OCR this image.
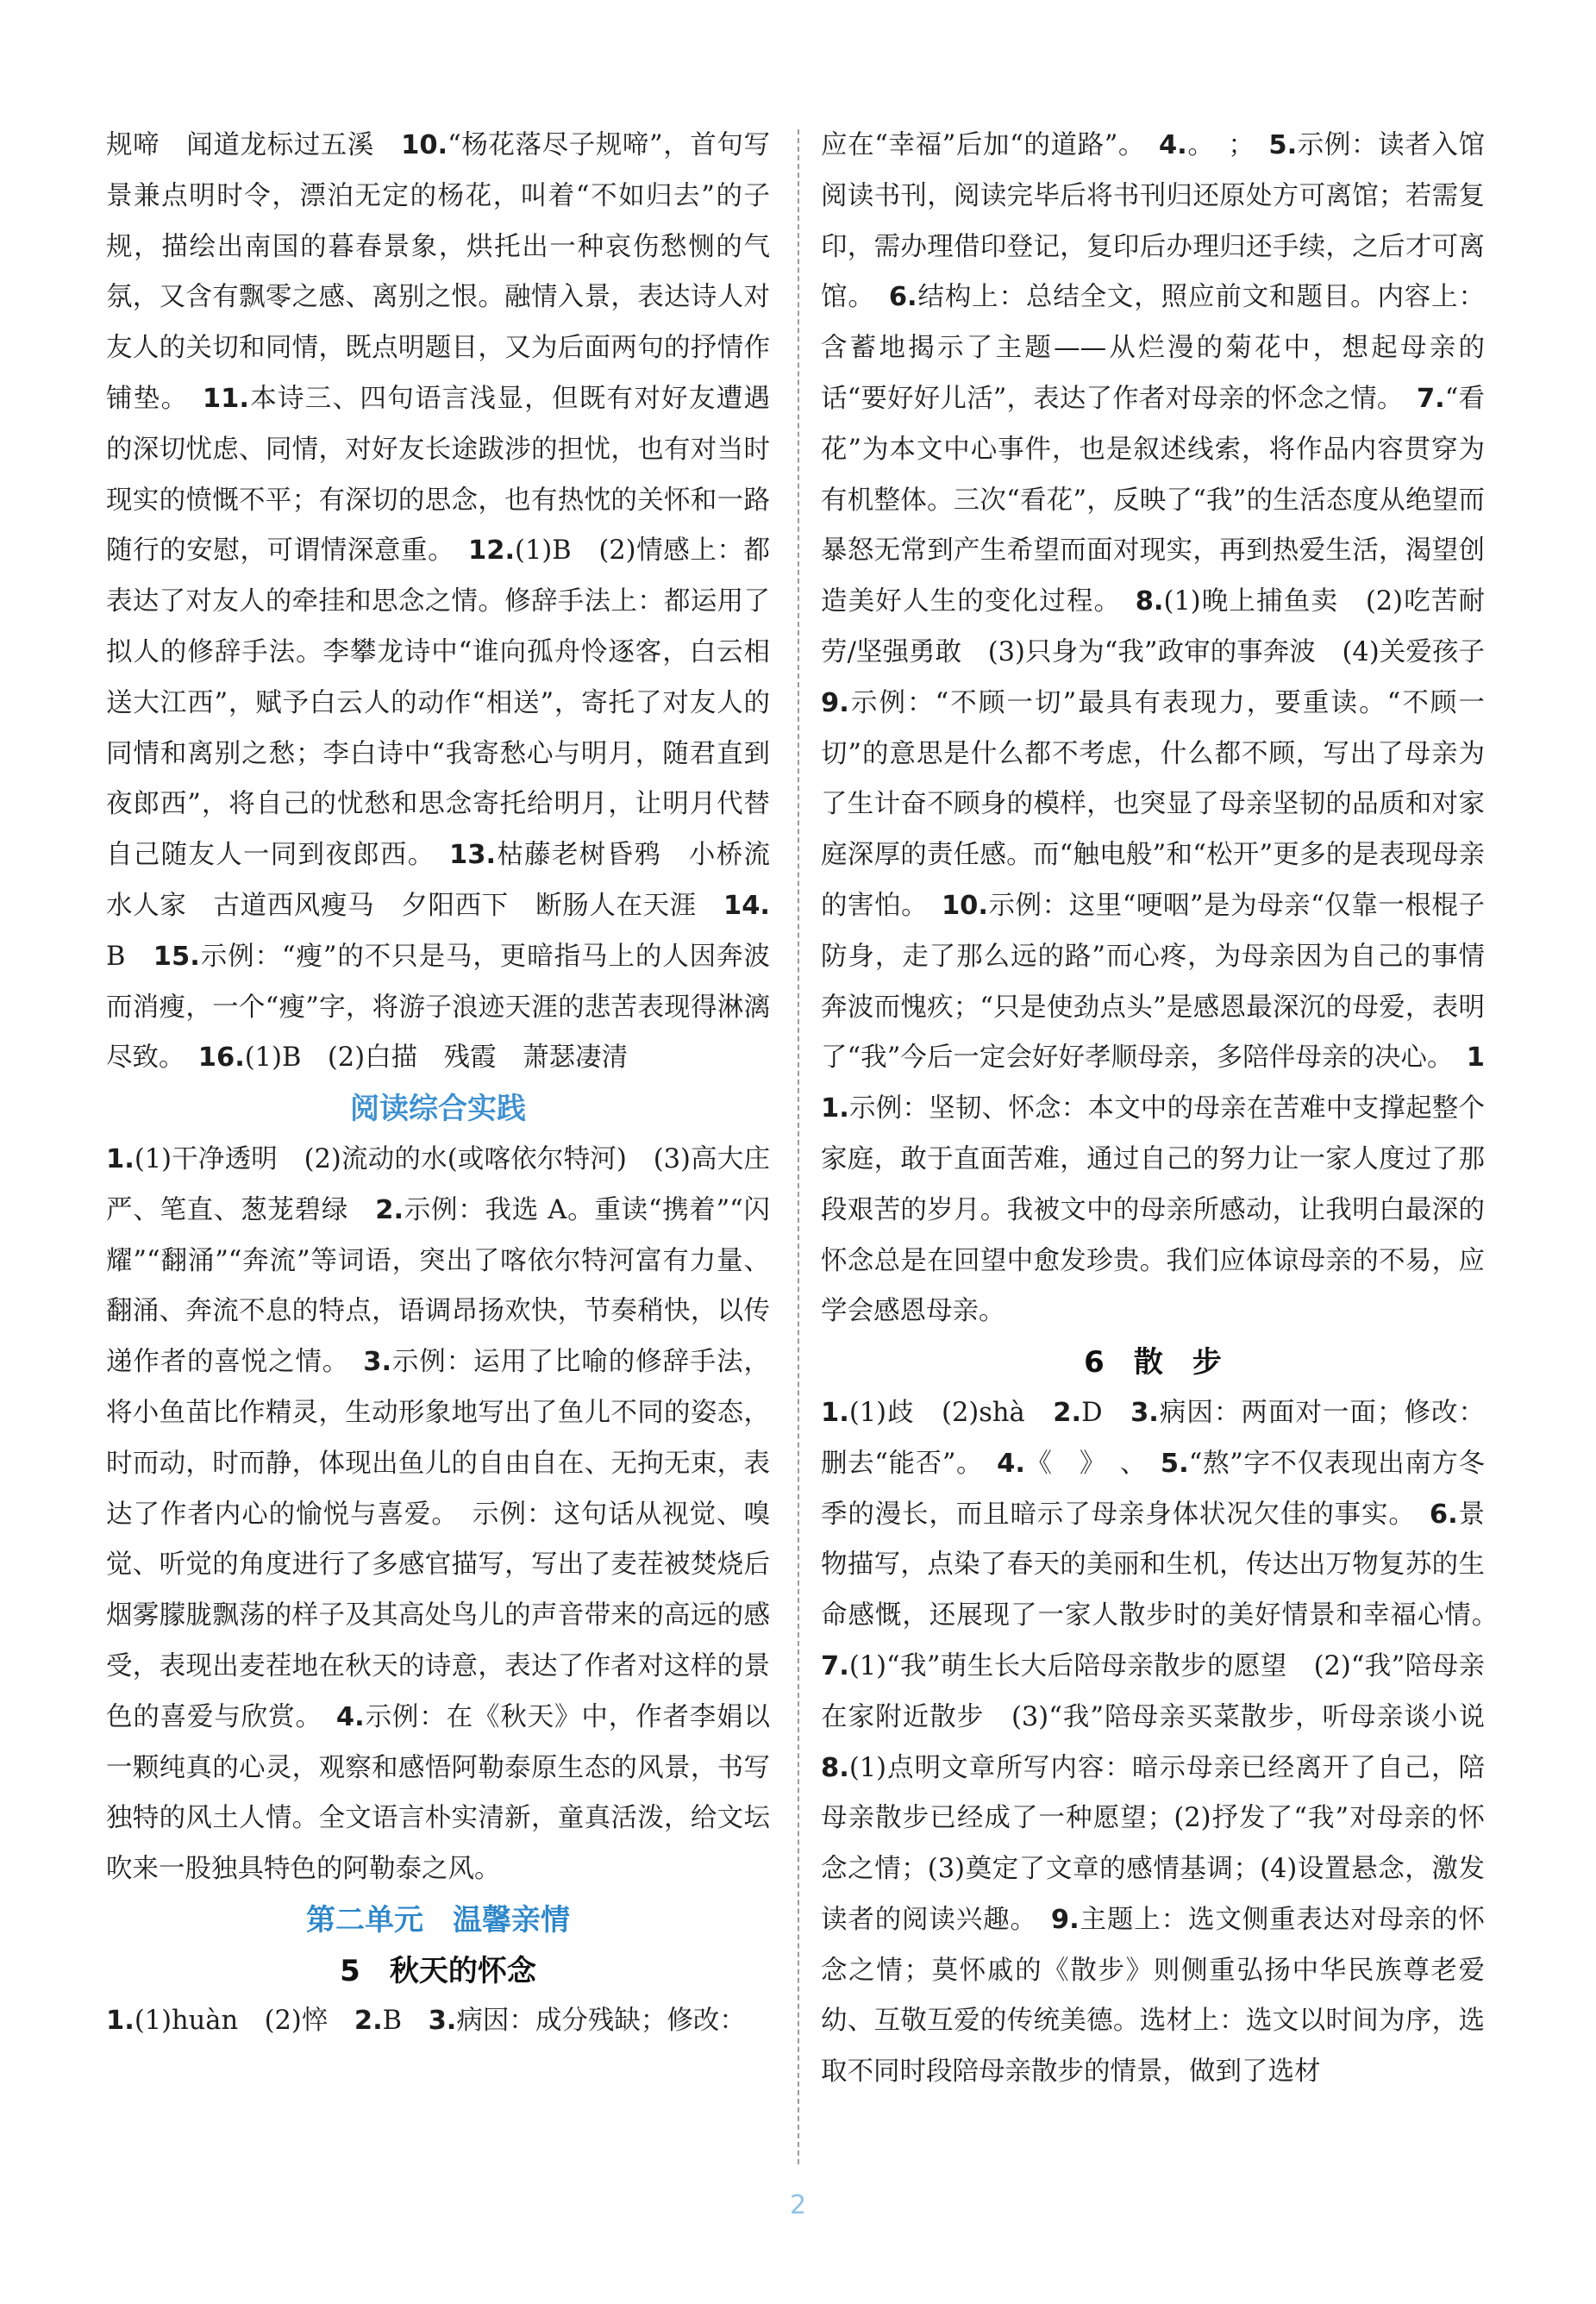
规啼　闻道龙标过五溪　10.“杨花落尽子规啼”，首句写景兼点明时令，漂泊无定的杨花，叫着“不如归去”的子规，描绘出南国的暮春景象，烘托出一种哀伤愁恻的气氛，又含有飘零之感、离别之恨。融情入景，表达诗人对友人的关切和同情，既点明题目，又为后面两句的抒情作铺垫。　11.本诗三、四句语言浅显，但既有对好友遭遇的深切忧虑、同情，对好友长途跋涉的担忧，也有对当时现实的愤慨不平；有深切的思念，也有热忱的关怀和一路随行的安慰，可谓情深意重。　12.(1)B　(2)情感上：都表达了对友人的牵挂和思念之情。修辞手法上：都运用了拟人的修辞手法。李攀龙诗中“谁向孤舟怜逐客，白云相送大江西”，赋予白云人的动作“相送”，寄托了对友人的同情和离别之愁；李白诗中“我寄愁心与明月，随君直到夜郎西”，将自己的忧愁和思念寄托给明月，让明月代替自己随友人一同到夜郎西。　13.枯藤老树昏鸦　小桥流水人家　古道西风瘦马　夕阳西下　断肠人在天涯　14.B　15.示例：“瘦”的不只是马，更暗指马上的人因奔波而消瘦，一个“瘦”字，将游子浪迹天涯的悲苦表现得淋漓尽致。　16.(1)B　(2)白描　残霞　萧瑟凄清

阅读综合实践

1.(1)干净透明　(2)流动的水(或喀依尔特河)　(3)高大庄严、笔直、葱茏碧绿　2.示例：我选 A。重读“携着”“闪耀”“翻涌”“奔流”等词语，突出了喀依尔特河富有力量、翻涌、奔流不息的特点，语调昂扬欢快，节奏稍快，以传递作者的喜悦之情。　3.示例：运用了比喻的修辞手法，将小鱼苗比作精灵，生动形象地写出了鱼儿不同的姿态，时而动，时而静，体现出鱼儿的自由自在、无拘无束，表达了作者内心的愉悦与喜爱。　示例：这句话从视觉、嗅觉、听觉的角度进行了多感官描写，写出了麦茬被焚烧后烟雾朦胧飘荡的样子及其高处鸟儿的声音带来的高远的感受，表现出麦茬地在秋天的诗意，表达了作者对这样的景色的喜爱与欣赏。　4.示例：在《秋天》中，作者李娟以一颗纯真的心灵，观察和感悟阿勒泰原生态的风景，书写独特的风土人情。全文语言朴实清新，童真活泼，给文坛吹来一股独具特色的阿勒泰之风。

第二单元　温馨亲情

5　秋天的怀念

1.(1)huàn　(2)悴　2.B　3.病因：成分残缺；修改：

应在“幸福”后加“的道路”。　4.。　；　5.示例：读者入馆阅读书刊，阅读完毕后将书刊归还原处方可离馆；若需复印，需办理借印登记，复印后办理归还手续，之后才可离馆。　6.结构上：总结全文，照应前文和题目。内容上：含蓄地揭示了主题——从烂漫的菊花中，想起母亲的话“要好好儿活”，表达了作者对母亲的怀念之情。　7.“看花”为本文中心事件，也是叙述线索，将作品内容贯穿为有机整体。三次“看花”，反映了“我”的生活态度从绝望而暴怒无常到产生希望而面对现实，再到热爱生活，渴望创造美好人生的变化过程。　8.(1)晚上捕鱼卖　(2)吃苦耐劳/坚强勇敢　(3)只身为“我”政审的事奔波　(4)关爱孩子　9.示例：“不顾一切”最具有表现力，要重读。“不顾一切”的意思是什么都不考虑，什么都不顾，写出了母亲为了生计奋不顾身的模样，也突显了母亲坚韧的品质和对家庭深厚的责任感。而“触电般”和“松开”更多的是表现母亲的害怕。　10.示例：这里“哽咽”是为母亲“仅靠一根棍子防身，走了那么远的路”而心疼，为母亲因为自己的事情奔波而愧疚；“只是使劲点头”是感恩最深沉的母爱，表明了“我”今后一定会好好孝顺母亲，多陪伴母亲的决心。　11.示例：坚韧、怀念：本文中的母亲在苦难中支撑起整个家庭，敢于直面苦难，通过自己的努力让一家人度过了那段艰苦的岁月。我被文中的母亲所感动，让我明白最深的怀念总是在回望中愈发珍贵。我们应体谅母亲的不易，应学会感恩母亲。

6　散　步

1.(1)歧　(2)shà　2.D　3.病因：两面对一面；修改：删去“能否”。　4.《　》　、　5.“熬”字不仅表现出南方冬季的漫长，而且暗示了母亲身体状况欠佳的事实。　6.景物描写，点染了春天的美丽和生机，传达出万物复苏的生命感慨，还展现了一家人散步时的美好情景和幸福心情。　7.(1)“我”萌生长大后陪母亲散步的愿望　(2)“我”陪母亲在家附近散步　(3)“我”陪母亲买菜散步，听母亲谈小说　8.(1)点明文章所写内容：暗示母亲已经离开了自己，陪母亲散步已经成了一种愿望；(2)抒发了“我”对母亲的怀念之情；(3)奠定了文章的感情基调；(4)设置悬念，激发读者的阅读兴趣。　9.主题上：选文侧重表达对母亲的怀念之情；莫怀戚的《散步》则侧重弘扬中华民族尊老爱幼、互敬互爱的传统美德。选材上：选文以时间为序，选取不同时段陪母亲散步的情景，做到了选材

2
